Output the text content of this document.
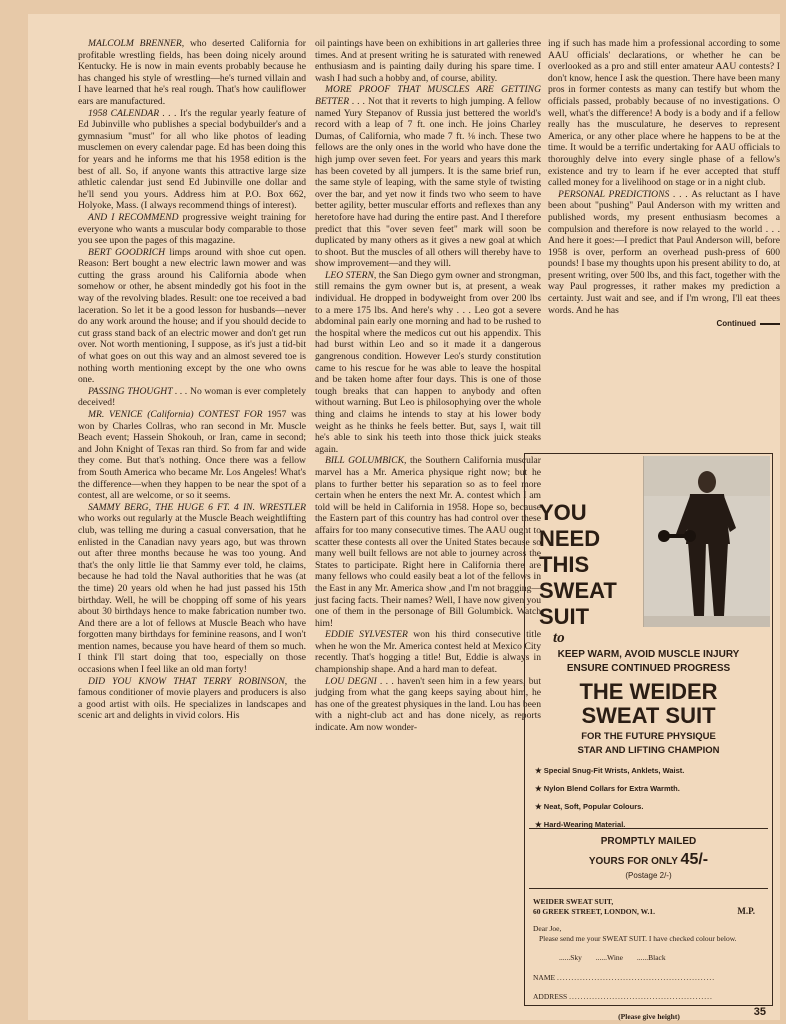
MALCOLM BRENNER, who deserted California for profitable wrestling fields, has been doing nicely around Kentucky. He is now in main events probably because he has changed his style of wrestling—he's turned villain and I have learned that he's real rough. That's how cauliflower ears are manufactured.

1958 CALENDAR . . . It's the regular yearly feature of Ed Jubinville who publishes a special bodybuilder's and a gymnasium "must" for all who like photos of leading musclemen on every calendar page. Ed has been doing this for years and he informs me that his 1958 edition is the best of all. So, if anyone wants this attractive large size athletic calendar just send Ed Jubinville one dollar and he'll send you yours. Address him at P.O. Box 662, Holyoke, Mass. (I always recommend things of interest).

AND I RECOMMEND progressive weight training for everyone who wants a muscular body comparable to those you see upon the pages of this magazine.

BERT GOODRICH limps around with shoe cut open. Reason: Bert bought a new electric lawn mower and was cutting the grass around his California abode when somehow or other, he absent mindedly got his foot in the way of the revolving blades. Result: one toe received a bad laceration. So let it be a good lesson for husbands—never do any work around the house; and if you should decide to cut grass stand back of an electric mower and don't get run over. Not worth mentioning, I suppose, as it's just a tid-bit of what goes on out this way and an almost severed toe is nothing worth mentioning except by the one who owns one.

PASSING THOUGHT . . . No woman is ever completely deceived!

MR. VENICE (California) CONTEST FOR 1957 was won by Charles Collras, who ran second in Mr. Muscle Beach event; Hassein Shokouh, or Iran, came in second; and John Knight of Texas ran third. So from far and wide they come. But that's nothing. Once there was a fellow from South America who became Mr. Los Angeles! What's the difference—when they happen to be near the spot of a contest, all are welcome, or so it seems.

SAMMY BERG, THE HUGE 6 FT. 4 IN. WRESTLER who works out regularly at the Muscle Beach weightlifting club, was telling me during a casual conversation, that he enlisted in the Canadian navy years ago, but was thrown out after three months because he was too young. And that's the only little lie that Sammy ever told, he claims, because he had told the Naval authorities that he was (at the time) 20 years old when he had just passed his 15th birthday. Well, he will be chopping off some of his years about 30 birthdays hence to make fabrication number two. And there are a lot of fellows at Muscle Beach who have forgotten many birthdays for feminine reasons, and I won't mention names, because you have heard of them so much. I think I'll start doing that too, especially on those occasions when I feel like an old man forty!

DID YOU KNOW THAT TERRY ROBINSON, the famous conditioner of movie players and producers is also a good artist with oils. He specializes in landscapes and scenic art and delights in vivid colors. His

oil paintings have been on exhibitions in art galleries three times. And at present writing he is saturated with renewed enthusiasm and is painting daily during his spare time. I wash I had such a hobby and, of course, ability.

MORE PROOF THAT MUSCLES ARE GETTING BETTER . . . Not that it reverts to high jumping. A fellow named Yury Stepanov of Russia just bettered the world's record with a leap of 7 ft. one inch. He joins Charley Dumas, of California, who made 7 ft. ⅛ inch. These two fellows are the only ones in the world who have done the high jump over seven feet. For years and years this mark has been coveted by all jumpers. It is the same brief run, the same style of leaping, with the same style of twisting over the bar, and yet now it finds two who seem to have better agility, better muscular efforts and reflexes than any heretofore have had during the entire past. And I therefore predict that this "over seven feet" mark will soon be duplicated by many others as it gives a new goal at which to shoot. But the muscles of all others will thereby have to show improvement—and they will.

LEO STERN, the San Diego gym owner and strongman, still remains the gym owner but is, at present, a weak individual. He dropped in bodyweight from over 200 lbs to a mere 175 lbs. And here's why . . . Leo got a severe abdominal pain early one morning and had to be rushed to the hospital where the medicos cut out his appendix. This had burst within Leo and so it made it a dangerous gangrenous condition. However Leo's sturdy constitution came to his rescue for he was able to leave the hospital and be taken home after four days. This is one of those tough breaks that can happen to anybody and often without warning. But Leo is philosophying over the whole thing and claims he intends to stay at his lower body weight as he thinks he feels better. But, says I, wait till he's able to sink his teeth into those thick juick steaks again.

BILL GOLUMBICK, the Southern California muscular marvel has a Mr. America physique right now; but he plans to further better his separation so as to feel more certain when he enters the next Mr. A. contest which I am told will be held in California in 1958. Hope so, because the Eastern part of this country has had control over these affairs for too many consecutive times. The AAU ought to scatter these contests all over the United States because so many well built fellows are not able to journey across the States to participate. Right here in California there are many fellows who could easily beat a lot of the fellows in the East in any Mr. America show ,and I'm not bragging—just facing facts. Their names? Well, I have now given you one of them in the personage of Bill Golumbick. Watch him!

EDDIE SYLVESTER won his third consecutive title when he won the Mr. America contest held at Mexico City recently. That's hogging a title! But, Eddie is always in championship shape. And a hard man to defeat.

LOU DEGNI . . . haven't seen him in a few years, but judging from what the gang keeps saying about him, he has one of the greatest physiques in the land. Lou has been with a night-club act and has done nicely, as reports indicate. Am now wonder-

ing if such has made him a professional according to some AAU officials' declarations, or whether he can be overlooked as a pro and still enter amateur AAU contests? I don't know, hence I ask the question. There have been many pros in former contests as many can testify but whom the officials passed, probably because of no investigations. O well, what's the difference! A body is a body and if a fellow really has the musculature, he deserves to represent America, or any other place where he happens to be at the time. It would be a terrific undertaking for AAU officials to thoroughly delve into every single phase of a fellow's existence and try to learn if he ever accepted that stuff called money for a livelihood on stage or in a night club.

PERSONAL PREDICTIONS . . . As reluctant as I have been about "pushing" Paul Anderson with my written and published words, my present enthusiasm becomes a compulsion and therefore is now relayed to the world . . . And here it goes:—I predict that Paul Anderson will, before 1958 is over, perform an overhead push-press of 600 pounds! I base my thoughts upon his present ability to do, at present writing, over 500 lbs, and this fact, together with the way Paul progresses, it rather makes my prediction a certainty. Just wait and see, and if I'm wrong, I'll eat thees words. And he has

Continued
YOU
NEED
THIS
SWEAT
SUIT
to
KEEP WARM, AVOID MUSCLE INJURY
ENSURE CONTINUED PROGRESS
THE WEIDER
SWEAT SUIT
FOR THE FUTURE PHYSIQUE
STAR AND LIFTING CHAMPION
★ Special Snug-Fit Wrists, Anklets, Waist.
★ Nylon Blend Collars for Extra Warmth.
★ Neat, Soft, Popular Colours.
★ Hard-Wearing Material.
PROMPTLY MAILED
YOURS FOR ONLY 45/-
(Postage 2/-)
WEIDER SWEAT SUIT,
60 GREEK STREET, LONDON, W.1.	M.P.
Dear Joe,
Please send me your SWEAT SUIT. I have checked colour below.
......Sky ......Wine ......Black
NAME .......................................................
ADDRESS ..................................................
(Please give height)	35
